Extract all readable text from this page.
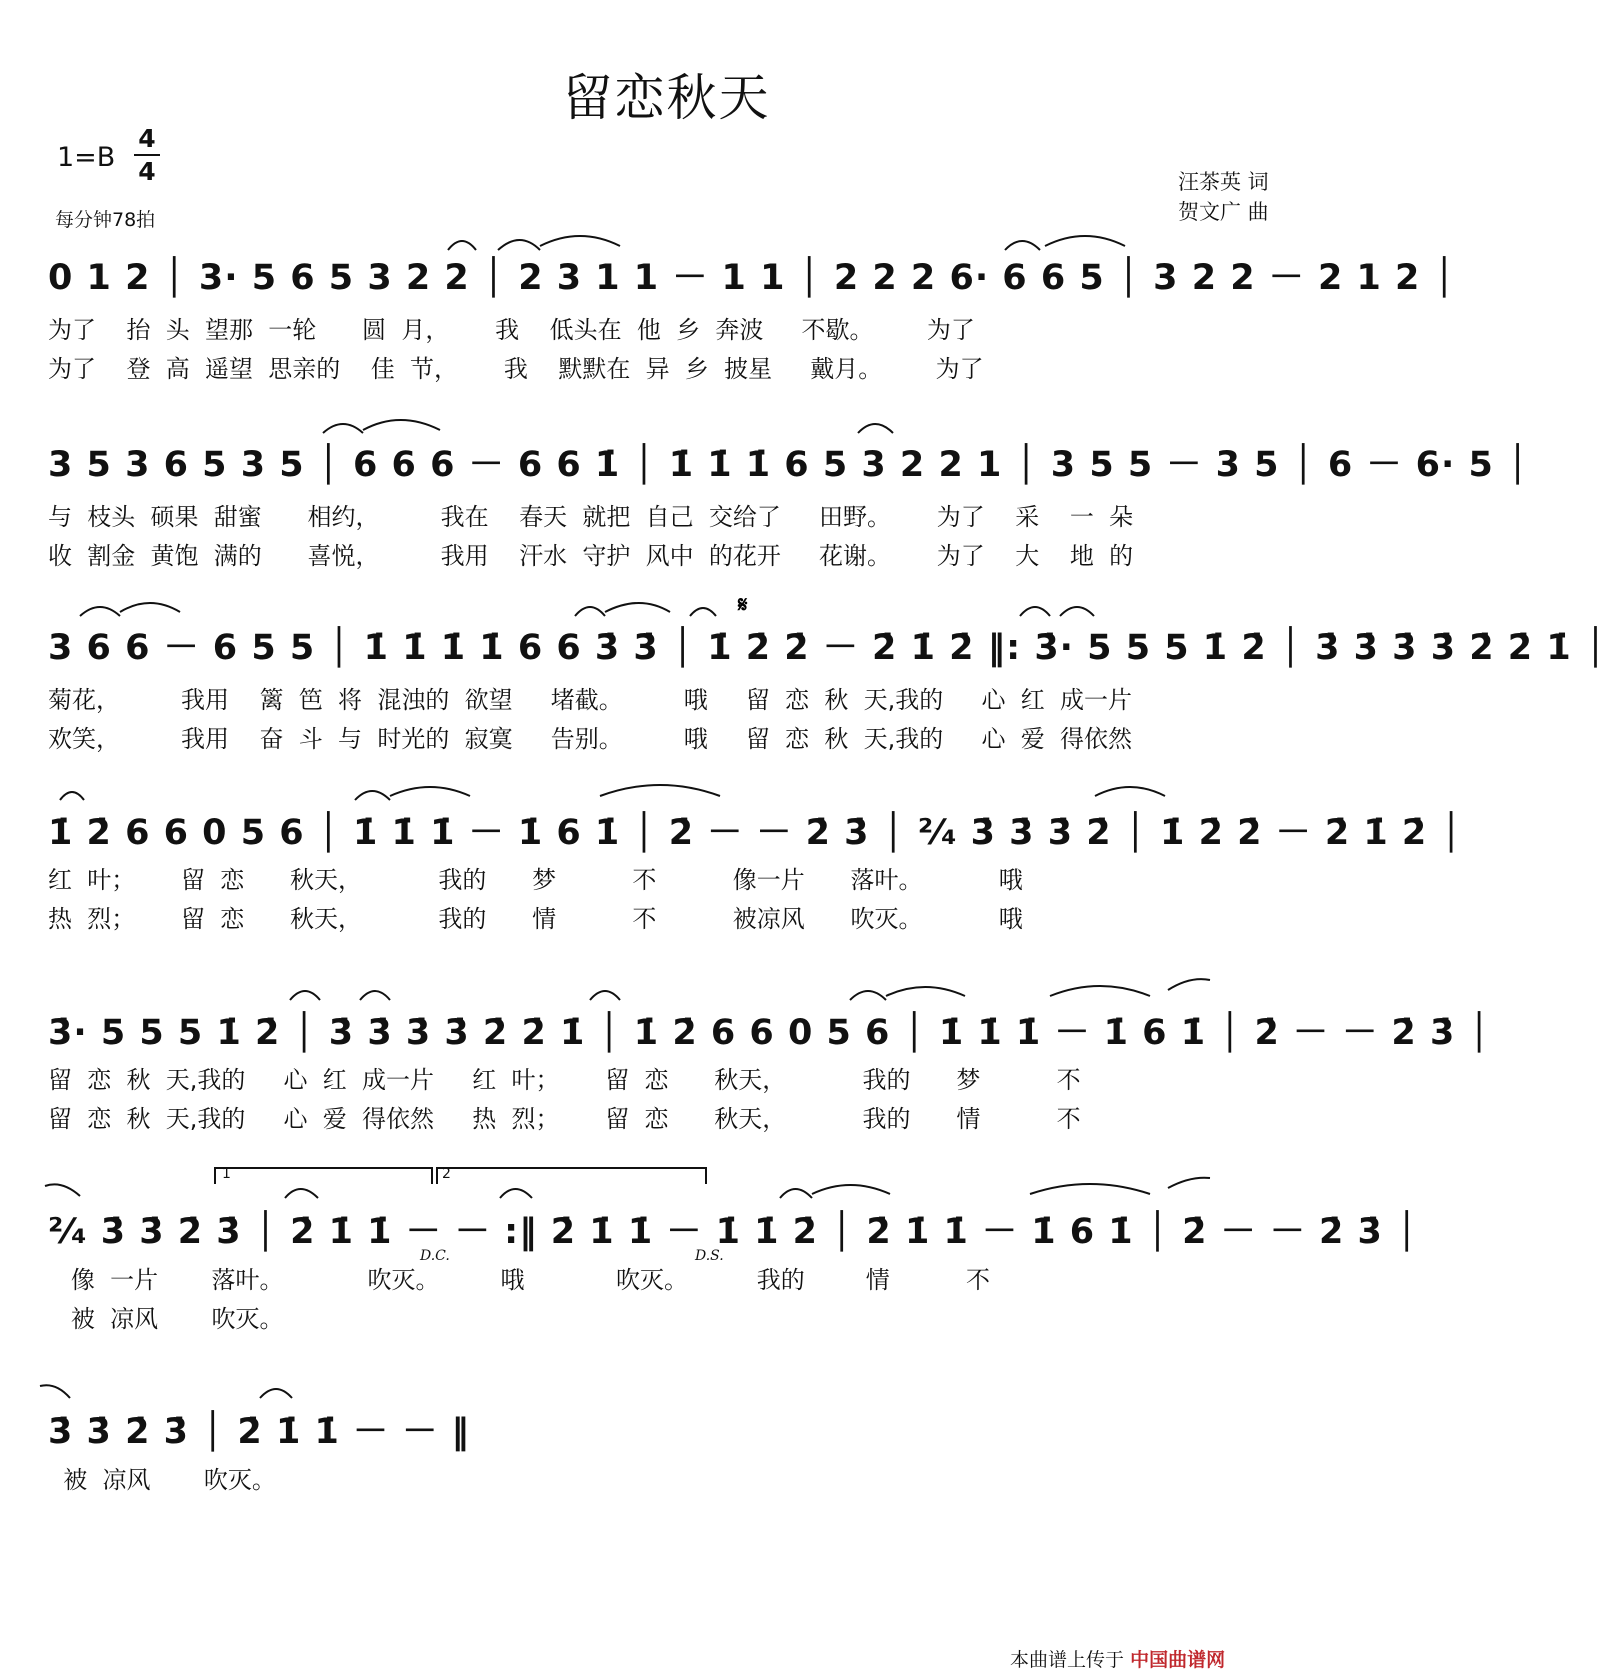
留恋秋天
1=B
4
4
每分钟78拍
汪茶英 词
贺文广 曲
0 1 2 │ 3· 5 6 5 3 2 2 │ 2 3 1 1 － 1 1 │ 2 2 2 6· 6 6 5 │ 3 2 2 － 2 1 2 │
为了    抬  头  望那  一轮      圆  月，      我    低头在  他  乡  奔波     不歇。       为了
为了    登  高  遥望  思亲的    佳  节，      我    默默在  异  乡  披星     戴月。       为了
3 5 3 6 5 3 5 │ 6 6 6 － 6 6 1̇ │ 1̇ 1̇ 1̇ 6 5 3 2 2 1 │ 3 5 5 － 3 5 │ 6 － 6· 5 │
与  枝头  硕果  甜蜜      相约，        我在    春天  就把  自己  交给了     田野。      为了    采    一  朵
收  割金  黄饱  满的      喜悦，        我用    汗水  守护  风中  的花开     花谢。      为了    大    地  的
3 6 6 － 6 5 5 │ 1̇ 1̇ 1̇ 1̇ 6 6 3̇ 3̇ │ 1̇ 2̇ 2̇ － 2̇ 1̇ 2̇ ‖: 3̇· 5 5 5 1̇ 2̇ │ 3̇ 3̇ 3̇ 3̇ 2̇ 2̇ 1̇ │
菊花，        我用    篱  笆  将  混浊的  欲望     堵截。        哦     留  恋  秋  天,我的     心  红  成一片
欢笑，        我用    奋  斗  与  时光的  寂寞     告别。        哦     留  恋  秋  天,我的     心  爱  得依然
1̇ 2̇ 6 6 0 5 6 │ 1̇ 1̇ 1̇ － 1̇ 6 1̇ │ 2̇ － － 2̇ 3̇ │ ²⁄₄ 3̇ 3̇ 3̇ 2̇ │ 1̇ 2̇ 2̇ － 2̇ 1̇ 2̇ │
红  叶；      留  恋      秋天，          我的      梦          不          像一片      落叶。          哦
热  烈；      留  恋      秋天，          我的      情          不          被凉风      吹灭。          哦
3̇· 5 5 5 1̇ 2̇ │ 3̇ 3̇ 3̇ 3̇ 2̇ 2̇ 1̇ │ 1̇ 2̇ 6 6 0 5 6 │ 1̇ 1̇ 1̇ － 1̇ 6 1̇ │ 2̇ － － 2̇ 3̇ │
留  恋  秋  天,我的     心  红  成一片     红  叶；      留  恋      秋天，          我的      梦          不
留  恋  秋  天,我的     心  爱  得依然     热  烈；      留  恋      秋天，          我的      情          不
²⁄₄ 3̇ 3̇ 2̇ 3̇ │ 2̇ 1̇ 1̇ － － :‖ 2̇ 1̇ 1̇ － 1̇ 1̇ 2̇ │ 2̇ 1̇ 1̇ － 1̇ 6 1̇ │ 2̇ － － 2̇ 3̇ │
1	2
D.C.	D.S.
像  一片       落叶。           吹灭。        哦            吹灭。         我的        情          不
被  凉风       吹灭。
3̇ 3̇ 2̇ 3̇ │ 2̇ 1̇ 1̇ － － ‖
被  凉风       吹灭。
𝄋
本曲谱上传于 中国曲谱网
